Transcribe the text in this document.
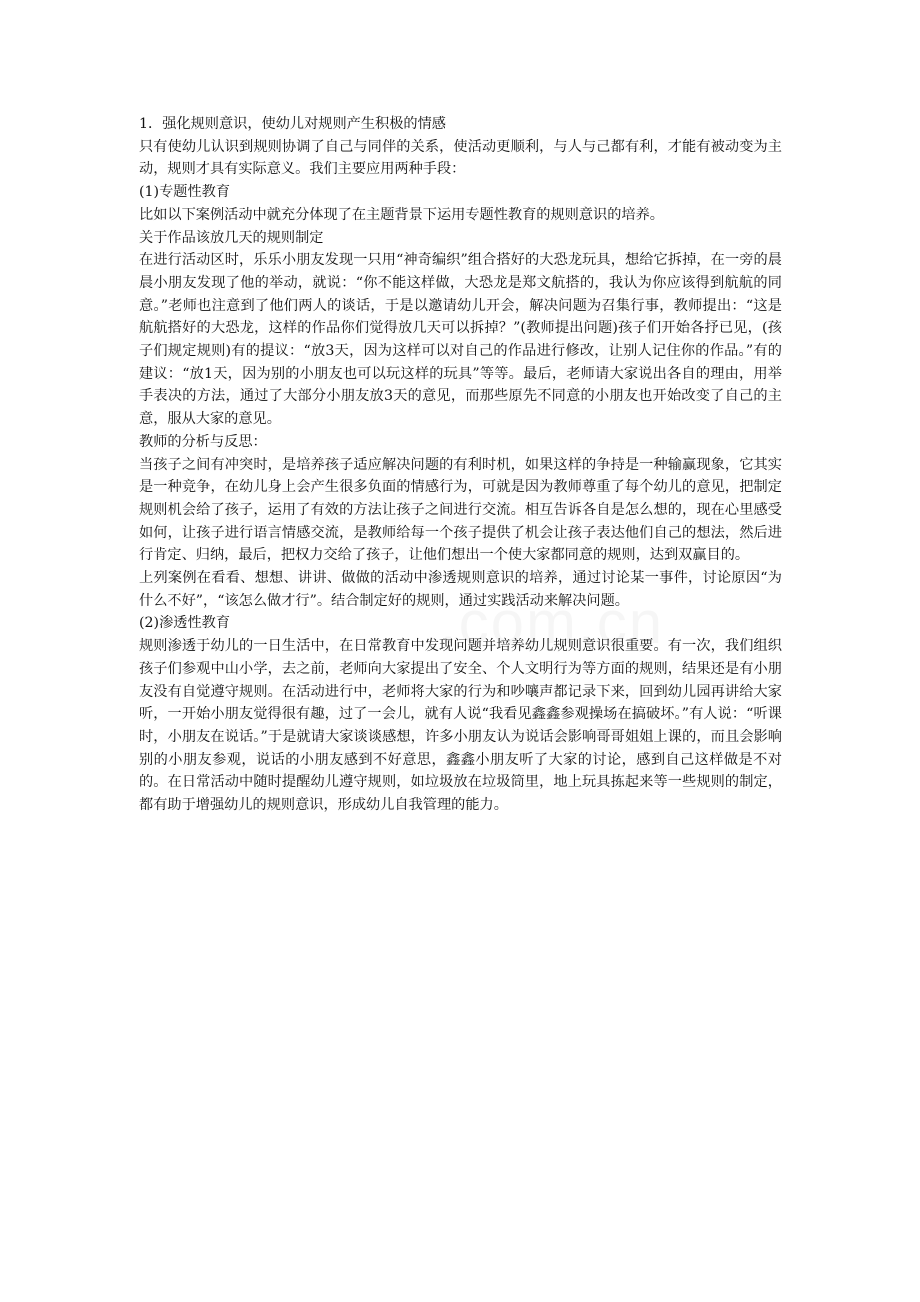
1．强化规则意识，使幼儿对规则产生积极的情感

只有使幼儿认识到规则协调了自己与同伴的关系，使活动更顺利，与人与己都有利，才能有被动变为主动，规则才具有实际意义。我们主要应用两种手段：

(1)专题性教育

比如以下案例活动中就充分体现了在主题背景下运用专题性教育的规则意识的培养。

关于作品该放几天的规则制定

在进行活动区时，乐乐小朋友发现一只用“神奇编织”组合搭好的大恐龙玩具，想给它拆掉，在一旁的晨晨小朋友发现了他的举动，就说：“你不能这样做，大恐龙是郑文航搭的，我认为你应该得到航航的同意。”老师也注意到了他们两人的谈话，于是以邀请幼儿开会，解决问题为召集行事，教师提出：“这是航航搭好的大恐龙，这样的作品你们觉得放几天可以拆掉？”(教师提出问题)孩子们开始各抒已见，(孩子们规定规则)有的提议：“放3天，因为这样可以对自己的作品进行修改，让别人记住你的作品。”有的建议：“放1天，因为别的小朋友也可以玩这样的玩具”等等。最后，老师请大家说出各自的理由，用举手表决的方法，通过了大部分小朋友放3天的意见，而那些原先不同意的小朋友也开始改变了自己的主意，服从大家的意见。

教师的分析与反思：

当孩子之间有冲突时，是培养孩子适应解决问题的有利时机，如果这样的争持是一种输赢现象，它其实是一种竞争，在幼儿身上会产生很多负面的情感行为，可就是因为教师尊重了每个幼儿的意见，把制定规则机会给了孩子，运用了有效的方法让孩子之间进行交流。相互告诉各自是怎么想的，现在心里感受如何，让孩子进行语言情感交流，是教师给每一个孩子提供了机会让孩子表达他们自己的想法，然后进行肯定、归纳，最后，把权力交给了孩子，让他们想出一个使大家都同意的规则，达到双赢目的。

上列案例在看看、想想、讲讲、做做的活动中渗透规则意识的培养，通过讨论某一事件，讨论原因“为什么不好”，“该怎么做才行”。结合制定好的规则，通过实践活动来解决问题。

(2)渗透性教育

规则渗透于幼儿的一日生活中，在日常教育中发现问题并培养幼儿规则意识很重要。有一次，我们组织孩子们参观中山小学，去之前，老师向大家提出了安全、个人文明行为等方面的规则，结果还是有小朋友没有自觉遵守规则。在活动进行中，老师将大家的行为和吵嚷声都记录下来，回到幼儿园再讲给大家听，一开始小朋友觉得很有趣，过了一会儿，就有人说“我看见鑫鑫参观操场在搞破坏。”有人说：“听课时，小朋友在说话。”于是就请大家谈谈感想，许多小朋友认为说话会影响哥哥姐姐上课的，而且会影响别的小朋友参观，说话的小朋友感到不好意思，鑫鑫小朋友听了大家的讨论，感到自己这样做是不对的。在日常活动中随时提醒幼儿遵守规则，如垃圾放在垃圾筒里，地上玩具拣起来等一些规则的制定，都有助于增强幼儿的规则意识，形成幼儿自我管理的能力。
